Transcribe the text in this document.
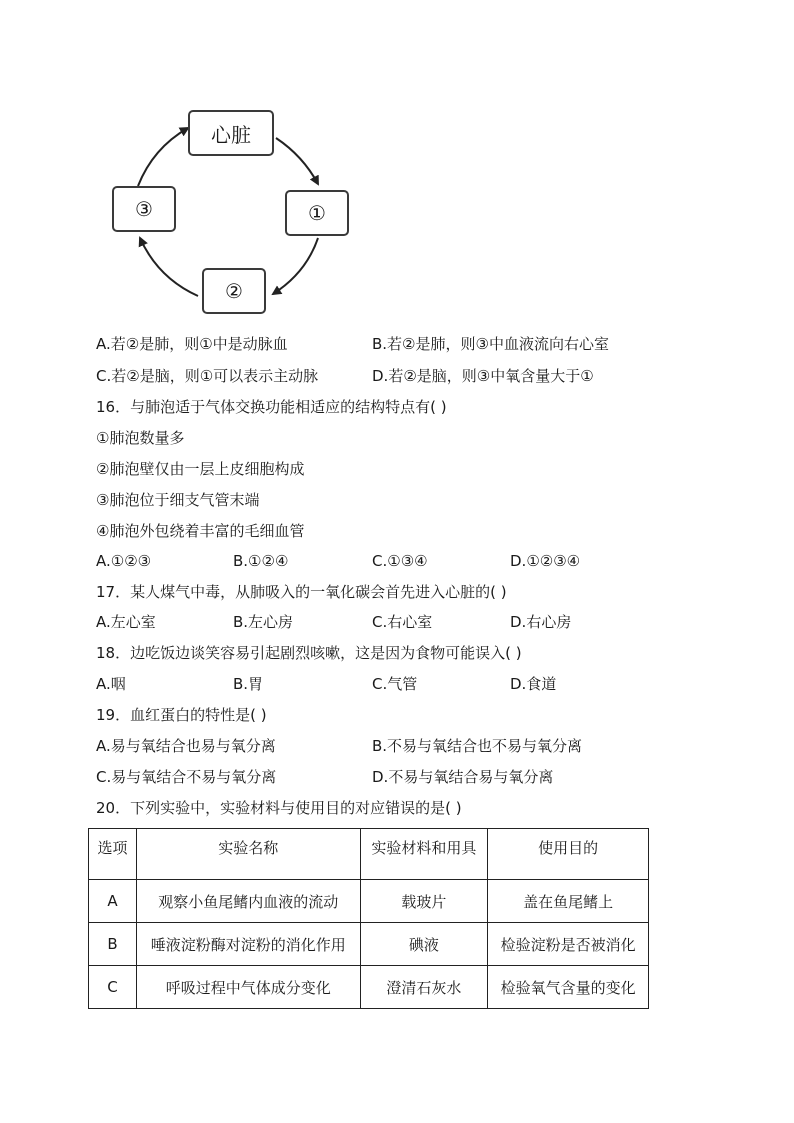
心脏
①
②
③
A.若②是肺，则①中是动脉血	B.若②是肺，则③中血液流向右心室
C.若②是脑，则①可以表示主动脉	D.若②是脑，则③中氧含量大于①
16．与肺泡适于气体交换功能相适应的结构特点有( )
①肺泡数量多
②肺泡壁仅由一层上皮细胞构成
③肺泡位于细支气管末端
④肺泡外包绕着丰富的毛细血管
A.①②③	B.①②④	C.①③④	D.①②③④
17．某人煤气中毒，从肺吸入的一氧化碳会首先进入心脏的( )
A.左心室	B.左心房	C.右心室	D.右心房
18．边吃饭边谈笑容易引起剧烈咳嗽，这是因为食物可能误入( )
A.咽	B.胃	C.气管	D.食道
19．血红蛋白的特性是( )
A.易与氧结合也易与氧分离	B.不易与氧结合也不易与氧分离
C.易与氧结合不易与氧分离	D.不易与氧结合易与氧分离
20．下列实验中，实验材料与使用目的对应错误的是( )
选项	实验名称	实验材料和用具	使用目的
A	观察小鱼尾鳍内血液的流动	载玻片	盖在鱼尾鳍上
B	唾液淀粉酶对淀粉的消化作用	碘液	检验淀粉是否被消化
C	呼吸过程中气体成分变化	澄清石灰水	检验氧气含量的变化
